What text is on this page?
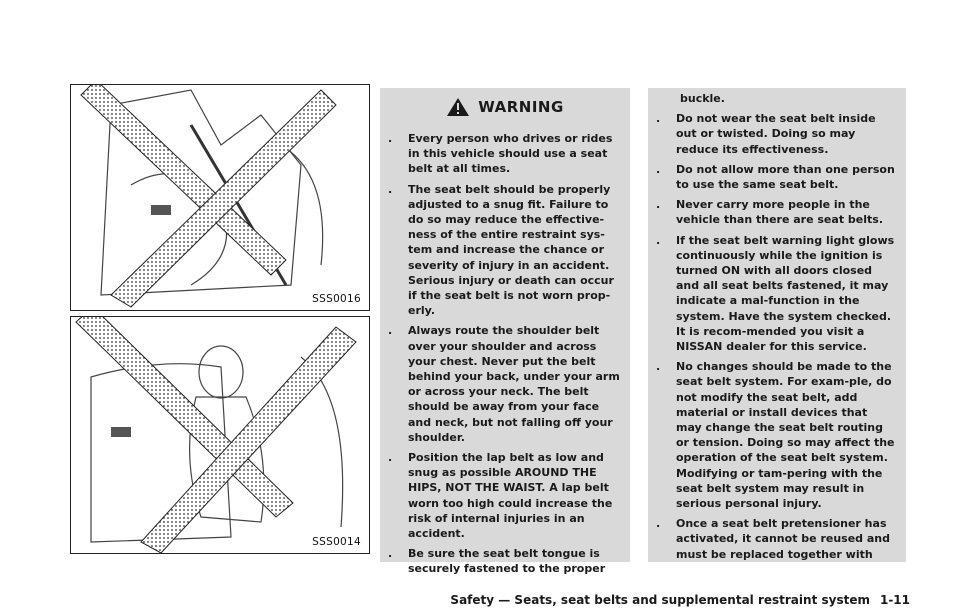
SSS0016
SSS0014
WARNING
.	Every person who drives or rides in this vehicle should use a seat belt at all times.
.	The seat belt should be properly adjusted to a snug fit. Failure to do so may reduce the effective-ness of the entire restraint sys-tem and increase the chance or severity of injury in an accident. Serious injury or death can occur if the seat belt is not worn prop-erly.
.	Always route the shoulder belt over your shoulder and across your chest. Never put the belt behind your back, under your arm or across your neck. The belt should be away from your face and neck, but not falling off your shoulder.
.	Position the lap belt as low and snug as possible AROUND THE HIPS, NOT THE WAIST. A lap belt worn too high could increase the risk of internal injuries in an accident.
.	Be sure the seat belt tongue is securely fastened to the proper
buckle.
.	Do not wear the seat belt inside out or twisted. Doing so may reduce its effectiveness.
.	Do not allow more than one person to use the same seat belt.
.	Never carry more people in the vehicle than there are seat belts.
.	If the seat belt warning light glows continuously while the ignition is turned ON with all doors closed and all seat belts fastened, it may indicate a mal-function in the system. Have the system checked. It is recom-mended you visit a NISSAN dealer for this service.
.	No changes should be made to the seat belt system. For exam-ple, do not modify the seat belt, add material or install devices that may change the seat belt routing or tension. Doing so may affect the operation of the seat belt system. Modifying or tam-pering with the seat belt system may result in serious personal injury.
.	Once a seat belt pretensioner has activated, it cannot be reused and must be replaced together with
Safety — Seats, seat belts and supplemental restraint system 1-11
